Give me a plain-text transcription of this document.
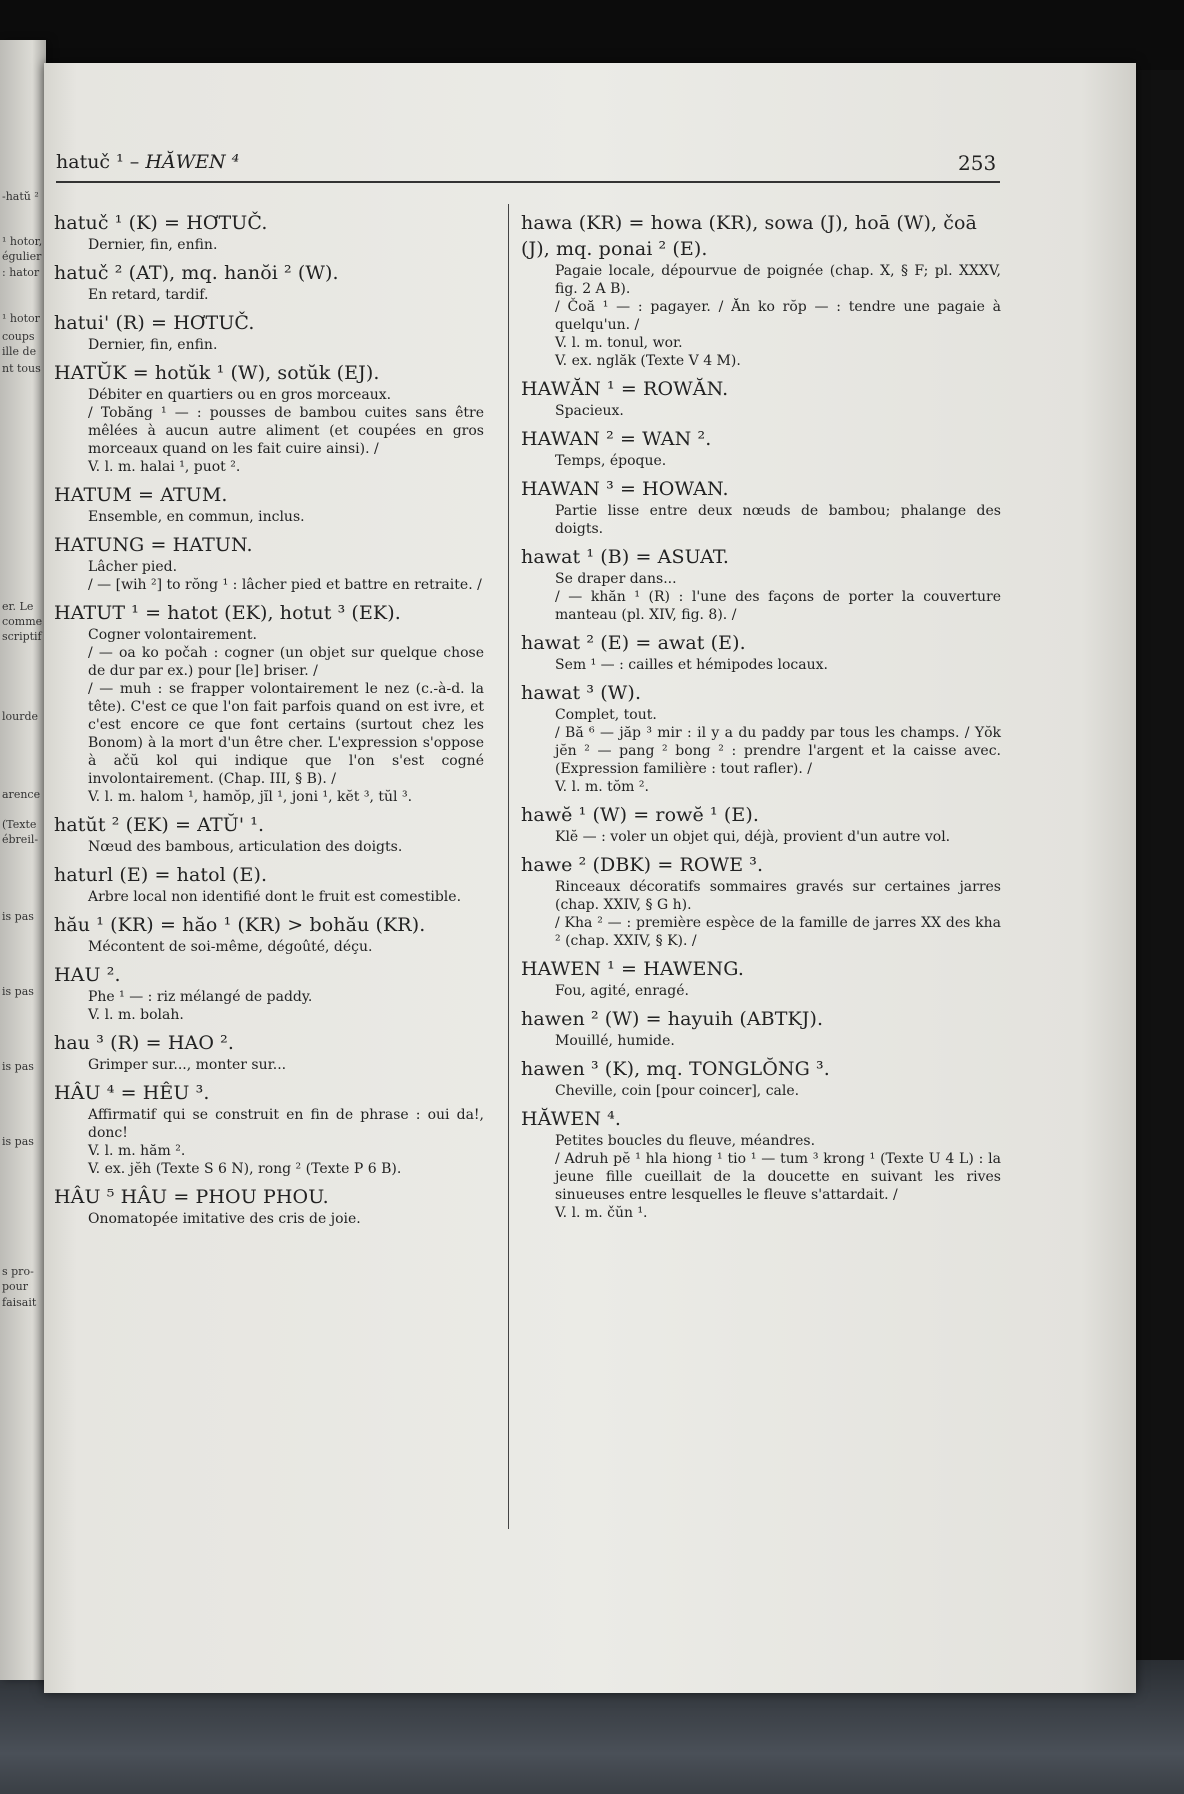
-hatŭ ²
¹ hotor,
égulier
: hator
¹ hotor
coups
ille de
nt tous
er. Le
comme
scriptif
lourde
arence
(Texte
ébreil-
is pas
is pas
is pas
is pas
s pro-
pour
faisait
hatuč ¹ – HĂWEN ⁴	253
hatuč ¹ (K) = HƠTUČ.
Dernier, fin, enfin.
hatuč ² (AT), mq. hanŏi ² (W).
En retard, tardif.
hatui' (R) = HƠTUČ.
Dernier, fin, enfin.
HATŬK = hotŭk ¹ (W), sotŭk (EJ).
Débiter en quartiers ou en gros morceaux.
/ Tobăng ¹ — : pousses de bambou cuites sans être mêlées à aucun autre aliment (et coupées en gros morceaux quand on les fait cuire ainsi). /
V. l. m. halai ¹, puot ².
HATUM = ATUM.
Ensemble, en commun, inclus.
HATUNG = HATUN.
Lâcher pied.
/ — [wih ²] to rŏng ¹ : lâcher pied et battre en retraite. /
HATUT ¹ = hatot (EK), hotut ³ (EK).
Cogner volontairement.
/ — oa ko počah : cogner (un objet sur quelque chose de dur par ex.) pour [le] briser. /
/ — muh : se frapper volontairement le nez (c.-à-d. la tête). C'est ce que l'on fait parfois quand on est ivre, et c'est encore ce que font certains (surtout chez les Bonom) à la mort d'un être cher. L'expression s'oppose à ačŭ kol qui indique que l'on s'est cogné involontairement. (Chap. III, § B). /
V. l. m. halom ¹, hamŏp, jĭl ¹, joni ¹, kĕt ³, tŭl ³.
hatŭt ² (EK) = ATŬ' ¹.
Nœud des bambous, articulation des doigts.
haturl (E) = hatol (E).
Arbre local non identifié dont le fruit est comestible.
hău ¹ (KR) = hăo ¹ (KR) > bohău (KR).
Mécontent de soi-même, dégoûté, déçu.
HAU ².
Phe ¹ — : riz mélangé de paddy.
V. l. m. bolah.
hau ³ (R) = HAO ².
Grimper sur..., monter sur...
HÂU ⁴ = HÊU ³.
Affirmatif qui se construit en fin de phrase : oui da!, donc!
V. l. m. hăm ².
V. ex. jĕh (Texte S 6 N), rong ² (Texte P 6 B).
HÂU ⁵ HÂU = PHOU PHOU.
Onomatopée imitative des cris de joie.
hawa (KR) = howa (KR), sowa (J), hoā (W), čoā (J), mq. ponai ² (E).
Pagaie locale, dépourvue de poignée (chap. X, § F; pl. XXXV, fig. 2 A B).
/ Čoă ¹ — : pagayer. / Ăn ko rŏp — : tendre une pagaie à quelqu'un. /
V. l. m. tonul, wor.
V. ex. nglăk (Texte V 4 M).
HAWĂN ¹ = ROWĂN.
Spacieux.
HAWAN ² = WAN ².
Temps, époque.
HAWAN ³ = HOWAN.
Partie lisse entre deux nœuds de bambou; phalange des doigts.
hawat ¹ (B) = ASUAT.
Se draper dans...
/ — khăn ¹ (R) : l'une des façons de porter la couverture manteau (pl. XIV, fig. 8). /
hawat ² (E) = awat (E).
Sem ¹ — : cailles et hémipodes locaux.
hawat ³ (W).
Complet, tout.
/ Bă ⁶ — jăp ³ mir : il y a du paddy par tous les champs. / Yŏk jĕn ² — pang ² bong ² : prendre l'argent et la caisse avec. (Expression familière : tout rafler). /
V. l. m. tŏm ².
hawĕ ¹ (W) = rowĕ ¹ (E).
Klĕ — : voler un objet qui, déjà, provient d'un autre vol.
hawe ² (DBK) = ROWE ³.
Rinceaux décoratifs sommaires gravés sur certaines jarres (chap. XXIV, § G h).
/ Kha ² — : première espèce de la famille de jarres XX des kha ² (chap. XXIV, § K). /
HAWEN ¹ = HAWENG.
Fou, agité, enragé.
hawen ² (W) = hayuih (ABTKJ).
Mouillé, humide.
hawen ³ (K), mq. TONGLŎNG ³.
Cheville, coin [pour coincer], cale.
HĂWEN ⁴.
Petites boucles du fleuve, méandres.
/ Adruh pĕ ¹ hla hiong ¹ tio ¹ — tum ³ krong ¹ (Texte U 4 L) : la jeune fille cueillait de la doucette en suivant les rives sinueuses entre lesquelles le fleuve s'attardait. /
V. l. m. čŭn ¹.
